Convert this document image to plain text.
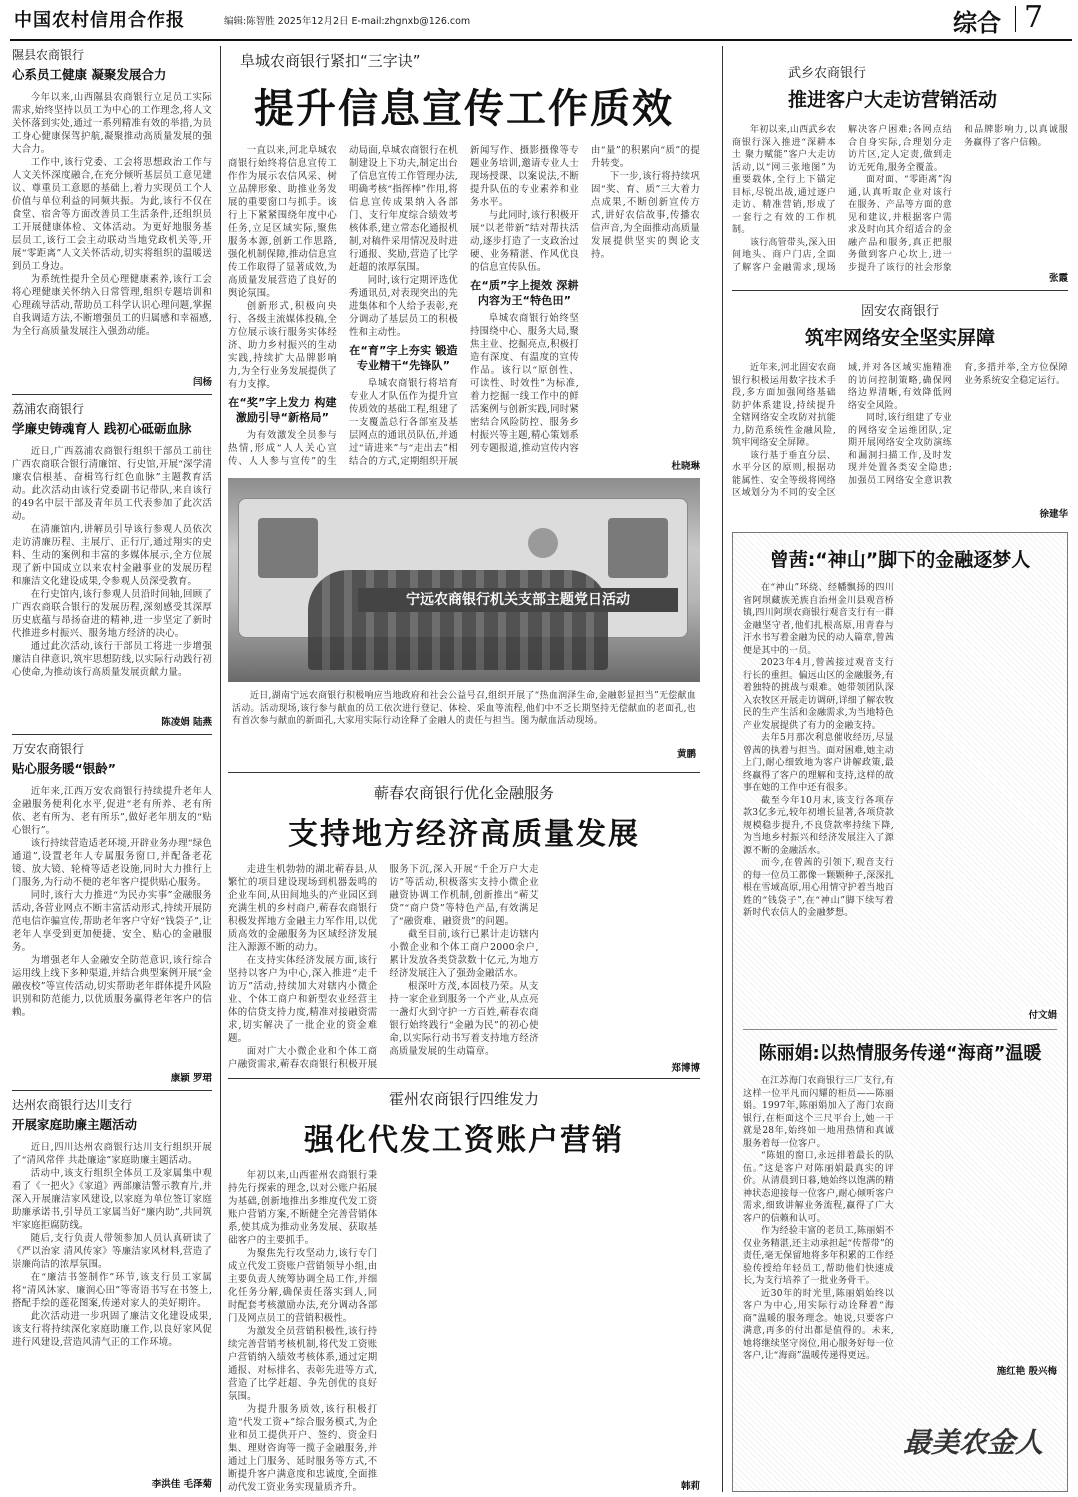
中国农村信用合作报	编辑:陈智胜 2025年12月2日 E-mail:zhgnxb@126.com	综合 7
隰县农商银行
心系员工健康 凝聚发展合力

今年以来,山西隰县农商银行立足员工实际需求,始终坚持以员工为中心的工作理念,将人文关怀落到实处,通过一系列精准有效的举措,为员工身心健康保驾护航,凝聚推动高质量发展的强大合力。

工作中,该行党委、工会将思想政治工作与人文关怀深度融合,在充分倾听基层员工意见建议、尊重员工意愿的基础上,着力实现员工个人价值与单位利益的同频共振。为此,该行不仅在食堂、宿舍等方面改善员工生活条件,还组织员工开展健康体检、文体活动。为更好地服务基层员工,该行工会主动联动当地党政机关等,开展“零距离”人文关怀活动,切实将组织的温暖送到员工身边。

为系统性提升全员心理健康素养,该行工会将心理健康关怀纳入日常管理,组织专题培训和心理疏导活动,帮助员工科学认识心理问题,掌握自我调适方法,不断增强员工的归属感和幸福感,为全行高质量发展注入强劲动能。

闫杨
荔浦农商银行
学廉史铸魂育人 践初心砥砺血脉

近日,广西荔浦农商银行组织干部员工前往广西农商联合银行清廉馆、行史馆,开展“深学清廉农信根基、奋楫笃行红色血脉”主题教育活动。此次活动由该行党委副书记带队,来自该行的49名中层干部及青年员工代表参加了此次活动。

在清廉馆内,讲解员引导该行参观人员依次走访清廉历程、主展厅、正行厅,通过翔实的史料、生动的案例和丰富的多媒体展示,全方位展现了新中国成立以来农村金融事业的发展历程和廉洁文化建设成果,令参观人员深受教育。

在行史馆内,该行参观人员沿时间轴,回顾了广西农商联合银行的发展历程,深刻感受其深厚历史底蕴与昂扬奋进的精神,进一步坚定了新时代推进乡村振兴、服务地方经济的决心。

通过此次活动,该行干部员工将进一步增强廉洁自律意识,筑牢思想防线,以实际行动践行初心使命,为推动该行高质量发展贡献力量。

陈凌娟 陆燕
万安农商银行
贴心服务暖“银龄”

近年来,江西万安农商银行持续提升老年人金融服务便利化水平,促进“老有所养、老有所依、老有所为、老有所乐”,做好老年朋友的“贴心银行”。

该行持续营造适老环境,开辟业务办理“绿色通道”,设置老年人专属服务窗口,并配备老花镜、放大镜、轮椅等适老设施,同时大力推行上门服务,为行动不便的老年客户提供贴心服务。

同时,该行大力推进“为民办实事”金融服务活动,各营业网点不断丰富活动形式,持续开展防范电信诈骗宣传,帮助老年客户守好“钱袋子”,让老年人享受到更加便捷、安全、贴心的金融服务。

为增强老年人金融安全防范意识,该行综合运用线上线下多种渠道,并结合典型案例开展“金融夜校”等宣传活动,切实帮助老年群体提升风险识别和防范能力,以优质服务赢得老年客户的信赖。

康颖 罗珺
达州农商银行达川支行
开展家庭助廉主题活动

近日,四川达州农商银行达川支行组织开展了“清风常伴 共赴廉途”家庭助廉主题活动。

活动中,该支行组织全体员工及家属集中观看了《一把火》《家道》两部廉洁警示教育片,并深入开展廉洁家风建设,以家庭为单位签订家庭助廉承诺书,引导员工家属当好“廉内助”,共同筑牢家庭拒腐防线。

随后,支行负责人带领参加人员认真研读了《严以治家 清风传家》等廉洁家风材料,营造了崇廉尚洁的浓厚氛围。

在“廉洁书签制作”环节,该支行员工家属将“清风沐家、廉润心田”等寄语书写在书签上,搭配手绘的莲花图案,传递对家人的美好期许。

此次活动进一步巩固了廉洁文化建设成果,该支行将持续深化家庭助廉工作,以良好家风促进行风建设,营造风清气正的工作环境。

李洪佳 毛泽菊
阜城农商银行紧扣“三字诀”
提升信息宣传工作质效

一直以来,河北阜城农商银行始终将信息宣传工作作为展示农信风采、树立品牌形象、助推业务发展的重要窗口与抓手。该行上下紧紧围绕年度中心任务,立足区域实际,聚焦服务本源,创新工作思路,强化机制保障,推动信息宣传工作取得了显著成效,为高质量发展营造了良好的舆论氛围。

创新形式,积极向央行、各级主流媒体投稿,全方位展示该行服务实体经济、助力乡村振兴的生动实践,持续扩大品牌影响力,为全行业务发展提供了有力支撑。

在“奖”字上发力 构建激励引导“新格局”

为有效激发全员参与热情,形成“人人关心宣传、人人参与宣传”的生动局面,阜城农商银行在机制建设上下功夫,制定出台了信息宣传工作管理办法,明确考核“指挥棒”作用,将信息宣传成果纳入各部门、支行年度综合绩效考核体系,建立常态化通报机制,对稿件采用情况及时进行通报、奖励,营造了比学赶超的浓厚氛围。

同时,该行定期评选优秀通讯员,对表现突出的先进集体和个人给予表彰,充分调动了基层员工的积极性和主动性。

在“育”字上夯实 锻造专业精干“先锋队”

阜城农商银行将培育专业人才队伍作为提升宣传质效的基础工程,组建了一支覆盖总行各部室及基层网点的通讯员队伍,并通过“请进来”与“走出去”相结合的方式,定期组织开展新闻写作、摄影摄像等专题业务培训,邀请专业人士现场授课、以案说法,不断提升队伍的专业素养和业务水平。

与此同时,该行积极开展“以老带新”结对帮扶活动,逐步打造了一支政治过硬、业务精湛、作风优良的信息宣传队伍。

在“质”字上提效 深耕内容为王“特色田”

阜城农商银行始终坚持围绕中心、服务大局,聚焦主业、挖掘亮点,积极打造有深度、有温度的宣传作品。该行以“原创性、可读性、时效性”为标准,着力挖掘一线工作中的鲜活案例与创新实践,同时紧密结合风险防控、服务乡村振兴等主题,精心策划系列专题报道,推动宣传内容由“量”的积累向“质”的提升转变。

下一步,该行将持续巩固“奖、育、质”三大着力点成果,不断创新宣传方式,讲好农信故事,传播农信声音,为全面推动高质量发展提供坚实的舆论支持。

杜晓琳
宁远农商银行机关支部主题党日活动
近日,湖南宁远农商银行积极响应当地政府和社会公益号召,组织开展了“热血润泽生命,金融彰显担当”无偿献血活动。活动现场,该行参与献血的员工依次进行登记、体检、采血等流程,他们中不乏长期坚持无偿献血的老面孔,也有首次参与献血的新面孔,大家用实际行动诠释了金融人的责任与担当。图为献血活动现场。
黄鹏
蕲春农商银行优化金融服务
支持地方经济高质量发展

走进生机勃勃的湖北蕲春县,从繁忙的项目建设现场到机器轰鸣的企业车间,从田间地头的产业园区到充满生机的乡村商户,蕲春农商银行积极发挥地方金融主力军作用,以优质高效的金融服务为区域经济发展注入源源不断的动力。

在支持实体经济发展方面,该行坚持以客户为中心,深入推进“走千访万”活动,持续加大对辖内小微企业、个体工商户和新型农业经营主体的信贷支持力度,精准对接融资需求,切实解决了一批企业的资金难题。

面对广大小微企业和个体工商户融资需求,蕲春农商银行积极开展服务下沉,深入开展“千企万户大走访”等活动,积极落实支持小微企业融资协调工作机制,创新推出“蕲艾贷”“商户贷”等特色产品,有效满足了“融资难、融资贵”的问题。

截至目前,该行已累计走访辖内小微企业和个体工商户2000余户,累计发放各类贷款数十亿元,为地方经济发展注入了强劲金融活水。

根深叶方茂,本固枝乃荣。从支持一家企业到服务一个产业,从点亮一盏灯火到守护一方百姓,蕲春农商银行始终践行“金融为民”的初心使命,以实际行动书写着支持地方经济高质量发展的生动篇章。

郑博博
霍州农商银行四维发力
强化代发工资账户营销

年初以来,山西霍州农商银行秉持先行探索的理念,以对公账户拓展为基础,创新地推出多维度代发工资账户营销方案,不断健全完善营销体系,使其成为推动业务发展、获取基础客户的主要抓手。

为聚焦先行攻坚动力,该行专门成立代发工资账户营销领导小组,由主要负责人统筹协调全局工作,并细化任务分解,确保责任落实到人,同时配套考核激励办法,充分调动各部门及网点员工的营销积极性。

为激发全员营销积极性,该行持续完善营销考核机制,将代发工资账户营销纳入绩效考核体系,通过定期通报、对标排名、表彰先进等方式,营造了比学赶超、争先创优的良好氛围。

为提升服务质效,该行积极打造“代发工资+”综合服务模式,为企业和员工提供开户、签约、资金归集、理财咨询等一揽子金融服务,并通过上门服务、延时服务等方式,不断提升客户满意度和忠诚度,全面推动代发工资业务实现量质齐升。	韩莉
武乡农商银行
推进客户大走访营销活动

年初以来,山西武乡农商银行深入推进“深耕本土 聚力赋能”客户大走访活动,以“网三张地图”为重要载体,全行上下锚定目标,尽锐出战,通过逐户走访、精准营销,形成了一套行之有效的工作机制。

该行高管带头,深入田间地头、商户门店,全面了解客户金融需求,现场解决客户困难;各网点结合自身实际,合理划分走访片区,定人定责,做到走访无死角,服务全覆盖。

面对面、“零距离”沟通,认真听取企业对该行在服务、产品等方面的意见和建议,并根据客户需求及时向其介绍适合的金融产品和服务,真正把服务做到客户心坎上,进一步提升了该行的社会形象和品牌影响力,以真诚服务赢得了客户信赖。

张霞
固安农商银行
筑牢网络安全坚实屏障

近年来,河北固安农商银行积极运用数字技术手段,多方面加强网络基础防护体系建设,持续提升全辖网络安全攻防对抗能力,防范系统性金融风险,筑牢网络安全屏障。

该行基于垂直分层、水平分区的原则,根据功能属性、安全等级将网络区域划分为不同的安全区域,并对各区域实施精准的访问控制策略,确保网络边界清晰,有效降低网络安全风险。

同时,该行组建了专业的网络安全运维团队,定期开展网络安全攻防演练和漏洞扫描工作,及时发现并处置各类安全隐患;加强员工网络安全意识教育,多措并举,全方位保障业务系统安全稳定运行。

徐建华
曾茜:“神山”脚下的金融逐梦人

在“神山”环绕、经幡飘扬的四川省阿坝藏族羌族自治州金川县观音桥镇,四川阿坝农商银行观音支行有一群金融坚守者,他们扎根高原,用青春与汗水书写着金融为民的动人篇章,曾茜便是其中的一员。

2023年4月,曾茜接过观音支行行长的重担。偏远山区的金融服务,有着独特的挑战与艰难。她带领团队深入农牧区开展走访调研,详细了解农牧民的生产生活和金融需求,为当地特色产业发展提供了有力的金融支持。

去年5月那次利息催收经历,尽显曾茜的执着与担当。面对困难,她主动上门,耐心细致地为客户讲解政策,最终赢得了客户的理解和支持,这样的故事在她的工作中还有很多。

截至今年10月末,该支行各项存款3亿多元,较年初增长显著,各项贷款规模稳步提升,不良贷款率持续下降,为当地乡村振兴和经济发展注入了源源不断的金融活水。

而今,在曾茜的引领下,观音支行的每一位员工都像一颗颗种子,深深扎根在雪域高原,用心用情守护着当地百姓的“钱袋子”,在“神山”脚下续写着新时代农信人的金融梦想。

付文娟
陈丽娟:以热情服务传递“海商”温暖

在江苏海门农商银行三厂支行,有这样一位平凡而闪耀的柜员——陈丽娟。1997年,陈丽娟加入了海门农商银行,在柜面这个三尺平台上,她一干就是28年,始终如一地用热情和真诚服务着每一位客户。

“陈姐的窗口,永远排着最长的队伍。”这是客户对陈丽娟最真实的评价。从清晨到日暮,她始终以饱满的精神状态迎接每一位客户,耐心倾听客户需求,细致讲解业务流程,赢得了广大客户的信赖和认可。

作为经验丰富的老员工,陈丽娟不仅业务精湛,还主动承担起“传帮带”的责任,毫无保留地将多年积累的工作经验传授给年轻员工,帮助他们快速成长,为支行培养了一批业务骨干。

近30年的时光里,陈丽娟始终以客户为中心,用实际行动诠释着“海商”温暖的服务理念。她说,只要客户满意,再多的付出都是值得的。未来,她将继续坚守岗位,用心服务好每一位客户,让“海商”温暖传递得更远。

施红艳 殷兴梅
最美农金人
